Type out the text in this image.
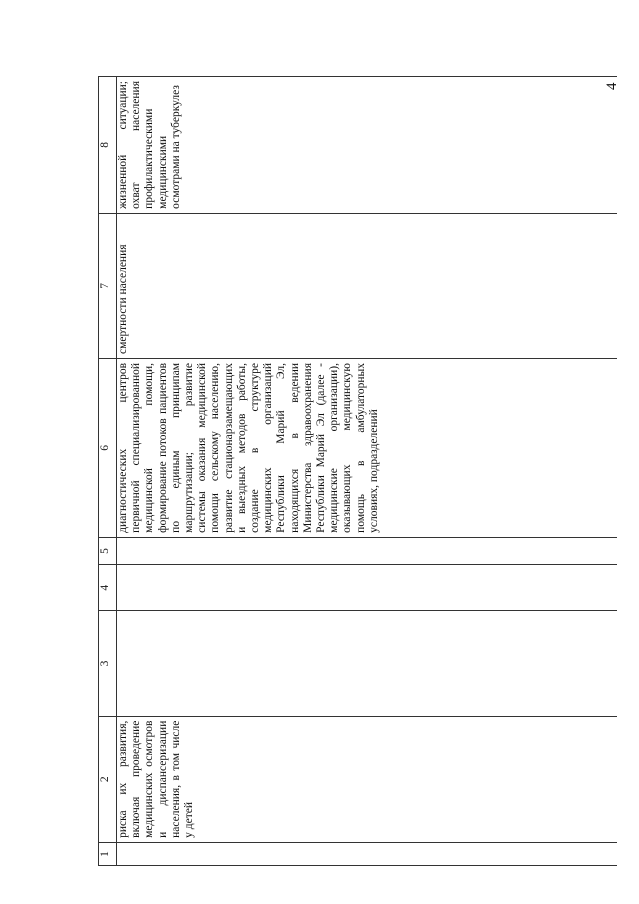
4
1	2	3	4	5	6	7	8
	риска их развития, включая проведение медицинских осмотров и диспансеризации населения, в том числе у детей				диагностических центров первичной специализированной медицинской помощи, формирование потоков пациентов по единым принципам маршрутизации; развитие системы оказания медицинской помощи сельскому населению, развитие стационарзамещающих и выездных методов работы, создание в структуре медицинских организаций Республики Марий Эл, находящихся в ведении Министерства здравоохранения Республики Марий Эл (далее - медицинские организации), оказывающих медицинскую помощь в амбулаторных условиях, подразделений	смертности населения	жизненной ситуации; охват населения профилактическими медицинскими осмотрами на туберкулез
